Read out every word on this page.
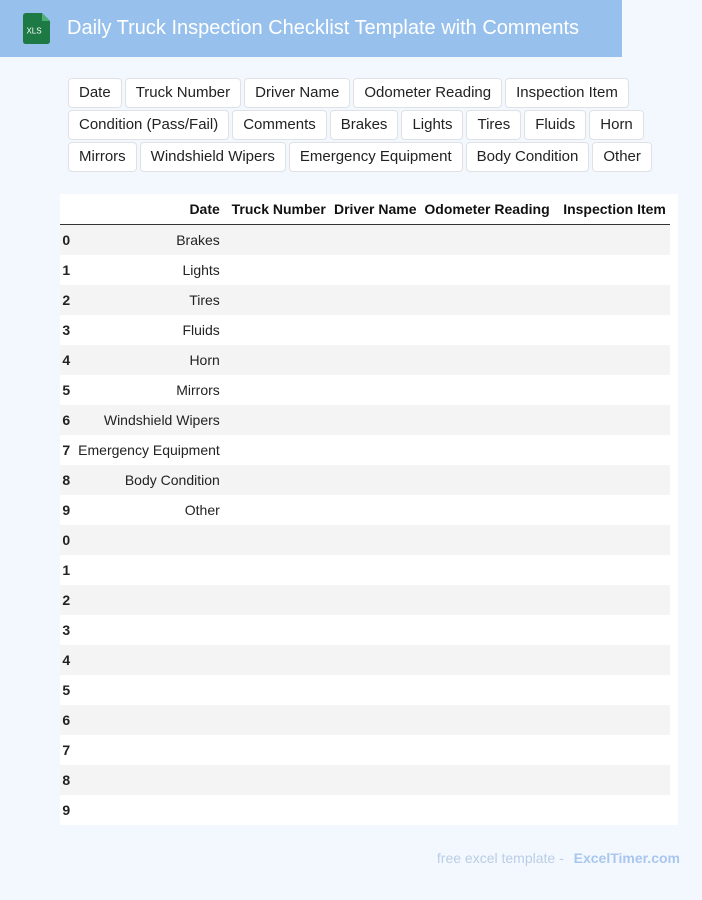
XLS Daily Truck Inspection Checklist Template with Comments
Date	Truck Number	Driver Name	Odometer Reading	Inspection Item
Condition (Pass/Fail)	Comments	Brakes	Lights	Tires	Fluids	Horn
Mirrors	Windshield Wipers	Emergency Equipment	Body Condition	Other
	Date	Truck Number	Driver Name	Odometer Reading	Inspection Item
0	Brakes				
1	Lights				
2	Tires				
3	Fluids				
4	Horn				
5	Mirrors				
6	Windshield Wipers				
7	Emergency Equipment				
8	Body Condition				
9	Other				
0					
1					
2					
3					
4					
5					
6					
7					
8					
9					
free excel template - ExcelTimer.com
